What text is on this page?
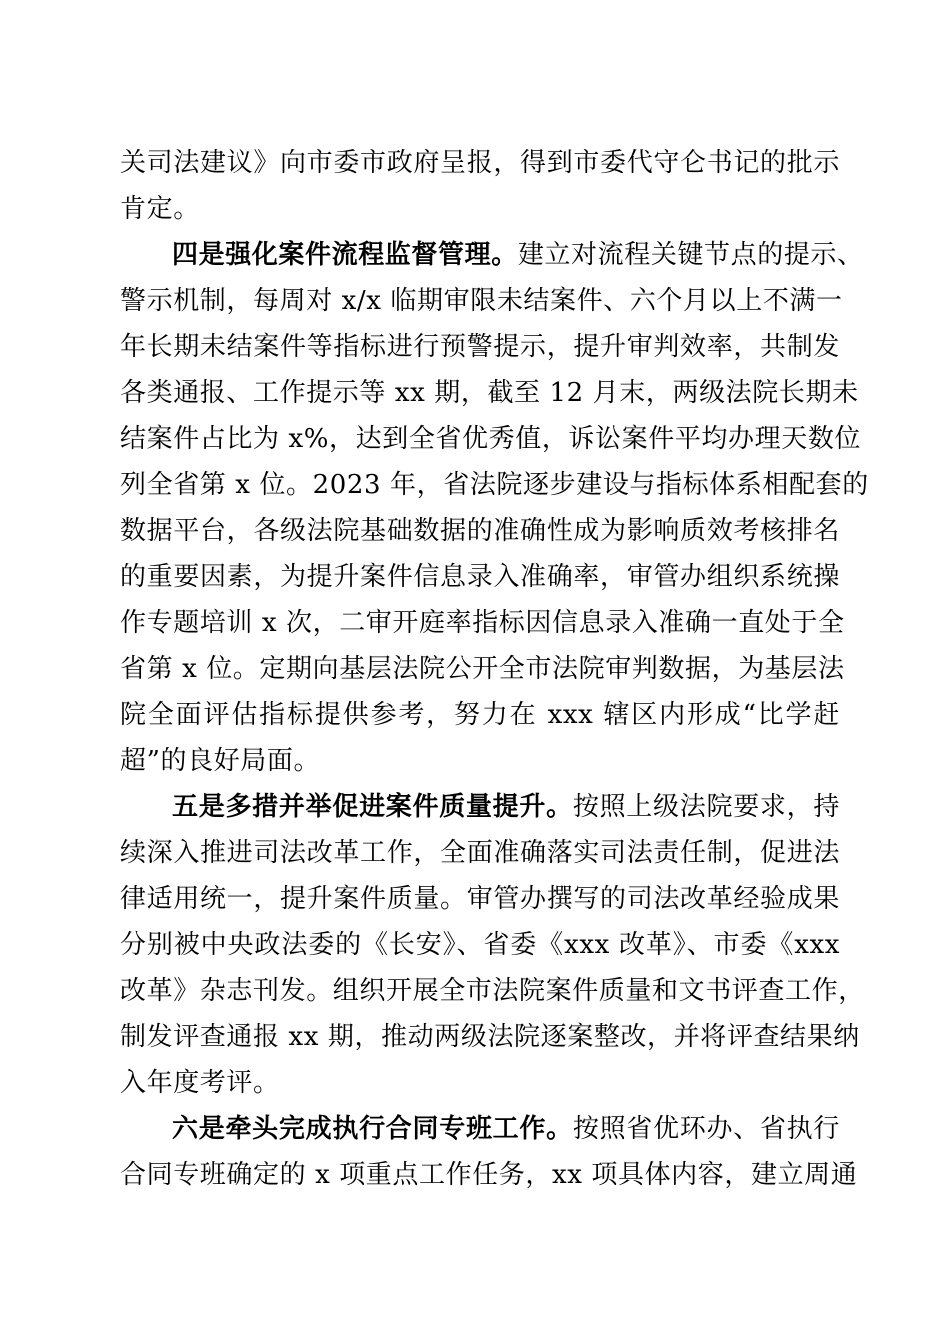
关司法建议》向市委市政府呈报，得到市委代守仑书记的批示

肯定。

四是强化案件流程监督管理。建立对流程关键节点的提示、

警示机制，每周对 x/x 临期审限未结案件、六个月以上不满一

年长期未结案件等指标进行预警提示，提升审判效率，共制发

各类通报、工作提示等 xx 期，截至 12 月末，两级法院长期未

结案件占比为 x%，达到全省优秀值，诉讼案件平均办理天数位

列全省第 x 位。2023 年，省法院逐步建设与指标体系相配套的

数据平台，各级法院基础数据的准确性成为影响质效考核排名

的重要因素，为提升案件信息录入准确率，审管办组织系统操

作专题培训 x 次，二审开庭率指标因信息录入准确一直处于全

省第 x 位。定期向基层法院公开全市法院审判数据，为基层法

院全面评估指标提供参考，努力在 xxx 辖区内形成“比学赶

超”的良好局面。

五是多措并举促进案件质量提升。按照上级法院要求，持

续深入推进司法改革工作，全面准确落实司法责任制，促进法

律适用统一，提升案件质量。审管办撰写的司法改革经验成果

分别被中央政法委的《长安》、省委《xxx 改革》、市委《xxx

改革》杂志刊发。组织开展全市法院案件质量和文书评查工作，

制发评查通报 xx 期，推动两级法院逐案整改，并将评查结果纳

入年度考评。

六是牵头完成执行合同专班工作。按照省优环办、省执行

合同专班确定的 x 项重点工作任务，xx 项具体内容，建立周通
